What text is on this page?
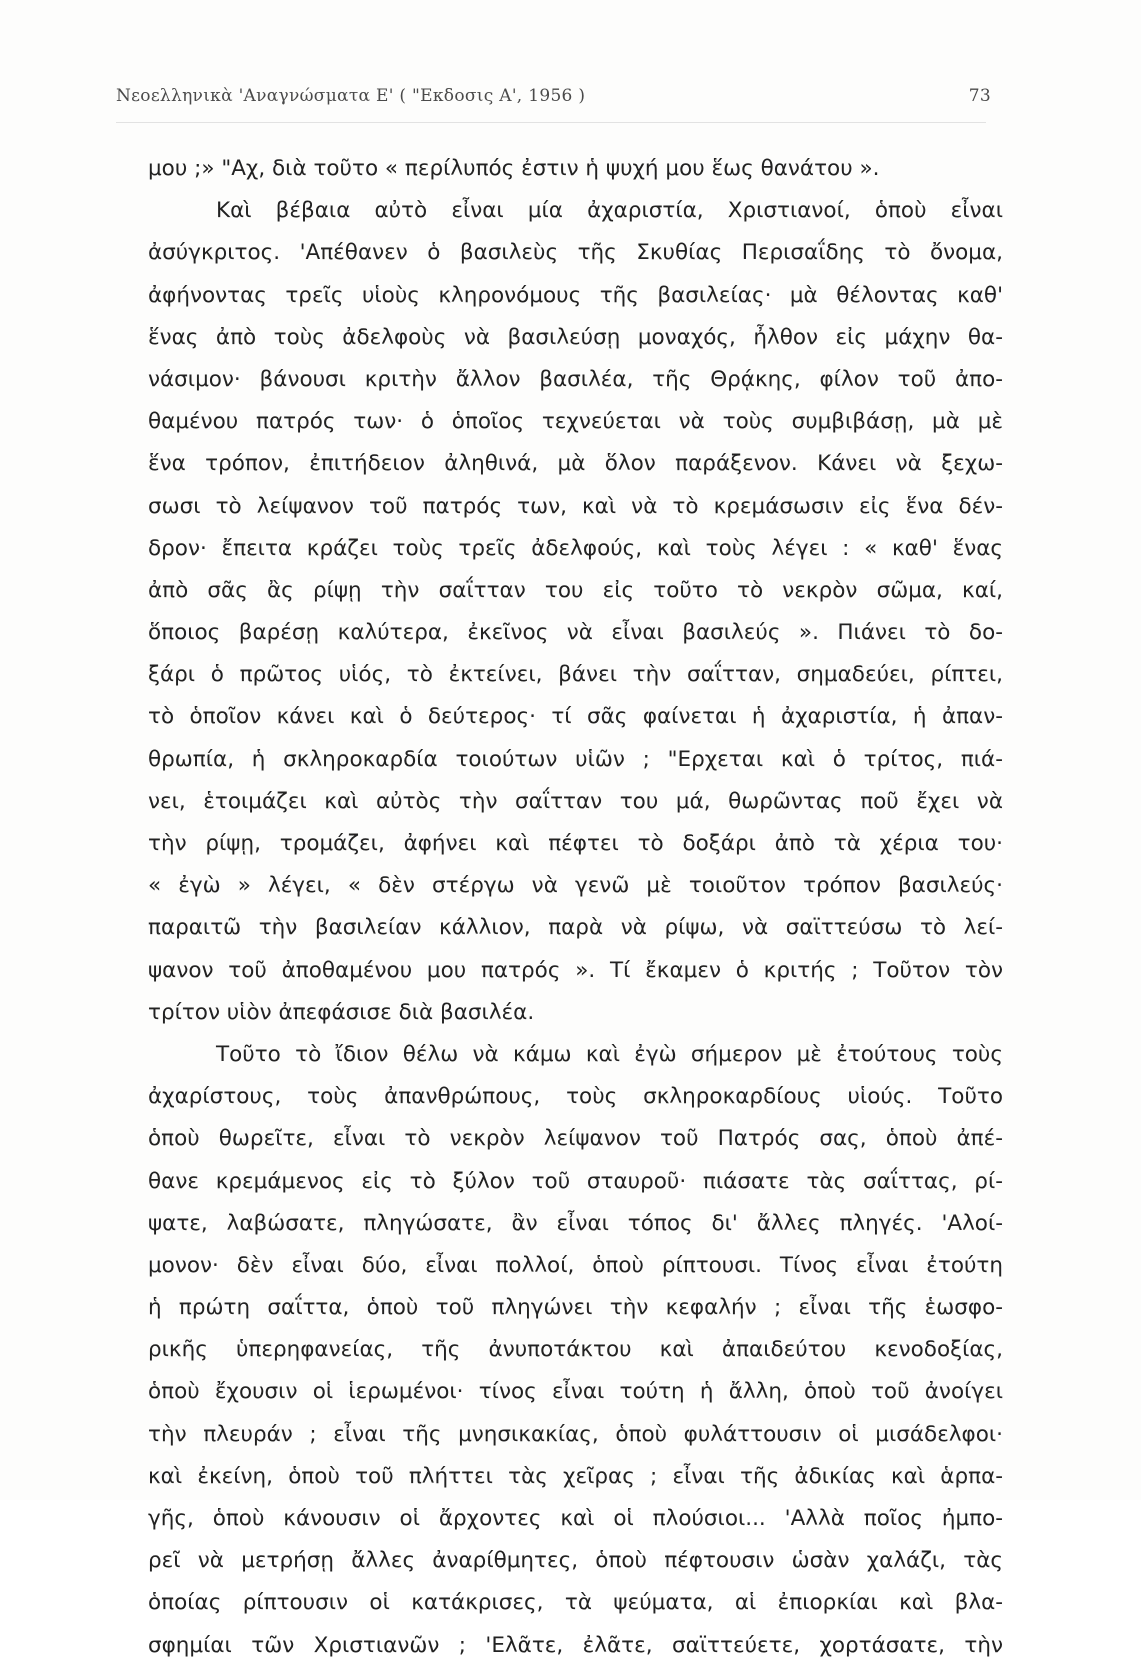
Νεοελληνικὰ 'Αναγνώσματα Ε' ( "Εκδοσις Α', 1956 )	73
μου ;» "Αχ, διὰ τοῦτο « περίλυπός ἐστιν ἡ ψυχή μου ἕως θανάτου ».
Καὶ βέβαια αὐτὸ εἶναι μία ἀχαριστία, Χριστιανοί, ὁποὺ εἶναι
ἀσύγκριτος. 'Απέθανεν ὁ βασιλεὺς τῆς Σκυθίας Περισαΐδης τὸ ὄνομα,
ἀφήνοντας τρεῖς υἱοὺς κληρονόμους τῆς βασιλείας· μὰ θέλοντας καθ'
ἕνας ἀπὸ τοὺς ἀδελφοὺς νὰ βασιλεύσῃ μοναχός, ἦλθον εἰς μάχην θα-
νάσιμον· βάνουσι κριτὴν ἄλλον βασιλέα, τῆς Θρᾴκης, φίλον τοῦ ἀπο-
θαμένου πατρός των· ὁ ὁποῖος τεχνεύεται νὰ τοὺς συμβιβάσῃ, μὰ μὲ
ἕνα τρόπον, ἐπιτήδειον ἀληθινά, μὰ ὅλον παράξενον. Κάνει νὰ ξεχω-
σωσι τὸ λείψανον τοῦ πατρός των, καὶ νὰ τὸ κρεμάσωσιν εἰς ἕνα δέν-
δρον· ἔπειτα κράζει τοὺς τρεῖς ἀδελφούς, καὶ τοὺς λέγει : « καθ' ἕνας
ἀπὸ σᾶς ἂς ρίψῃ τὴν σαΐτταν του εἰς τοῦτο τὸ νεκρὸν σῶμα, καί,
ὅποιος βαρέσῃ καλύτερα, ἐκεῖνος νὰ εἶναι βασιλεύς ». Πιάνει τὸ δο-
ξάρι ὁ πρῶτος υἱός, τὸ ἐκτείνει, βάνει τὴν σαΐτταν, σημαδεύει, ρίπτει,
τὸ ὁποῖον κάνει καὶ ὁ δεύτερος· τί σᾶς φαίνεται ἡ ἀχαριστία, ἡ ἀπαν-
θρωπία, ἡ σκληροκαρδία τοιούτων υἱῶν ; "Ερχεται καὶ ὁ τρίτος, πιά-
νει, ἑτοιμάζει καὶ αὐτὸς τὴν σαΐτταν του μά, θωρῶντας ποῦ ἔχει νὰ
τὴν ρίψῃ, τρομάζει, ἀφήνει καὶ πέφτει τὸ δοξάρι ἀπὸ τὰ χέρια του·
« ἐγὼ » λέγει, « δὲν στέργω νὰ γενῶ μὲ τοιοῦτον τρόπον βασιλεύς·
παραιτῶ τὴν βασιλείαν κάλλιον, παρὰ νὰ ρίψω, νὰ σαϊττεύσω τὸ λεί-
ψανον τοῦ ἀποθαμένου μου πατρός ». Τί ἔκαμεν ὁ κριτής ; Τοῦτον τὸν
τρίτον υἱὸν ἀπεφάσισε διὰ βασιλέα.
Τοῦτο τὸ ἴδιον θέλω νὰ κάμω καὶ ἐγὼ σήμερον μὲ ἐτούτους τοὺς
ἀχαρίστους, τοὺς ἀπανθρώπους, τοὺς σκληροκαρδίους υἱούς. Τοῦτο
ὁποὺ θωρεῖτε, εἶναι τὸ νεκρὸν λείψανον τοῦ Πατρός σας, ὁποὺ ἀπέ-
θανε κρεμάμενος εἰς τὸ ξύλον τοῦ σταυροῦ· πιάσατε τὰς σαΐττας, ρί-
ψατε, λαβώσατε, πληγώσατε, ἂν εἶναι τόπος δι' ἄλλες πληγές. 'Αλοί-
μονον· δὲν εἶναι δύο, εἶναι πολλοί, ὁποὺ ρίπτουσι. Τίνος εἶναι ἐτούτη
ἡ πρώτη σαΐττα, ὁποὺ τοῦ πληγώνει τὴν κεφαλήν ; εἶναι τῆς ἑωσφο-
ρικῆς ὑπερηφανείας, τῆς ἀνυποτάκτου καὶ ἀπαιδεύτου κενοδοξίας,
ὁποὺ ἔχουσιν οἱ ἱερωμένοι· τίνος εἶναι τούτη ἡ ἄλλη, ὁποὺ τοῦ ἀνοίγει
τὴν πλευράν ; εἶναι τῆς μνησικακίας, ὁποὺ φυλάττουσιν οἱ μισάδελφοι·
καὶ ἐκείνη, ὁποὺ τοῦ πλήττει τὰς χεῖρας ; εἶναι τῆς ἀδικίας καὶ ἁρπα-
γῆς, ὁποὺ κάνουσιν οἱ ἄρχοντες καὶ οἱ πλούσιοι... 'Αλλὰ ποῖος ἠμπο-
ρεῖ νὰ μετρήσῃ ἄλλες ἀναρίθμητες, ὁποὺ πέφτουσιν ὡσὰν χαλάζι, τὰς
ὁποίας ρίπτουσιν οἱ κατάκρισες, τὰ ψεύματα, αἱ ἐπιορκίαι καὶ βλα-
σφημίαι τῶν Χριστιανῶν ; 'Ελᾶτε, ἐλᾶτε, σαϊττεύετε, χορτάσατε, τὴν
